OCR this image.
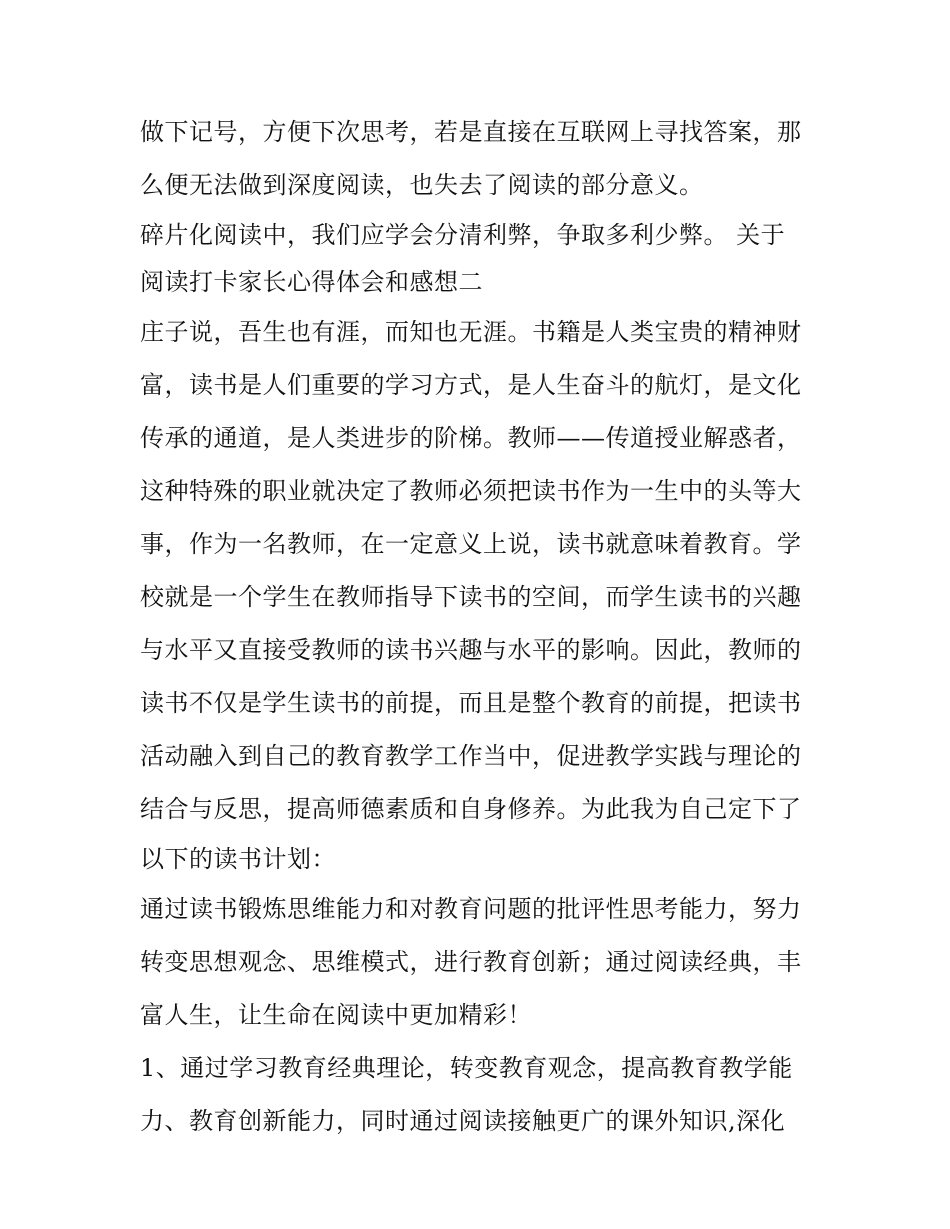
做下记号，方便下次思考，若是直接在互联网上寻找答案，那
么便无法做到深度阅读，也失去了阅读的部分意义。
碎片化阅读中，我们应学会分清利弊，争取多利少弊。 关于
阅读打卡家长心得体会和感想二
庄子说，吾生也有涯，而知也无涯。书籍是人类宝贵的精神财
富，读书是人们重要的学习方式，是人生奋斗的航灯，是文化
传承的通道，是人类进步的阶梯。教师——传道授业解惑者，
这种特殊的职业就决定了教师必须把读书作为一生中的头等大
事，作为一名教师，在一定意义上说，读书就意味着教育。学
校就是一个学生在教师指导下读书的空间，而学生读书的兴趣
与水平又直接受教师的读书兴趣与水平的影响。因此，教师的
读书不仅是学生读书的前提，而且是整个教育的前提，把读书
活动融入到自己的教育教学工作当中，促进教学实践与理论的
结合与反思，提高师德素质和自身修养。为此我为自己定下了
以下的读书计划：
通过读书锻炼思维能力和对教育问题的批评性思考能力，努力
转变思想观念、思维模式，进行教育创新；通过阅读经典，丰
富人生，让生命在阅读中更加精彩！
1、通过学习教育经典理论，转变教育观念，提高教育教学能
力、教育创新能力，同时通过阅读接触更广的课外知识,深化
